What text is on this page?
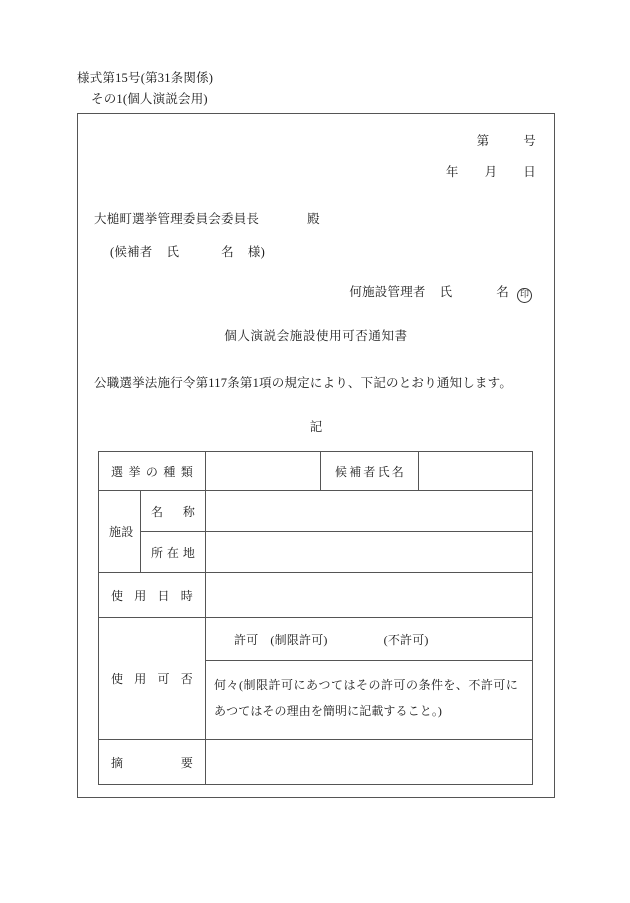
様式第15号(第31条関係)
その1(個人演説会用)
第	号
年 月 日
大槌町選挙管理委員会委員長	殿
(候補者 氏	名 様)
何施設管理者 氏	名 印
個人演説会施設使用可否通知書
公職選挙法施行令第117条第1項の規定により、下記のとおり通知します。
記
選 挙 の 種 類			候 補 者 氏 名	

施 設	名 称			

	所 在 地			

使 用 日 時				

使 用 可 否		許可 (制限許可) (不許可)		

		何々(制限許可にあつてはその許可の条件を、不許可にあつてはその理由を簡明に記載すること。)		

摘 要				
